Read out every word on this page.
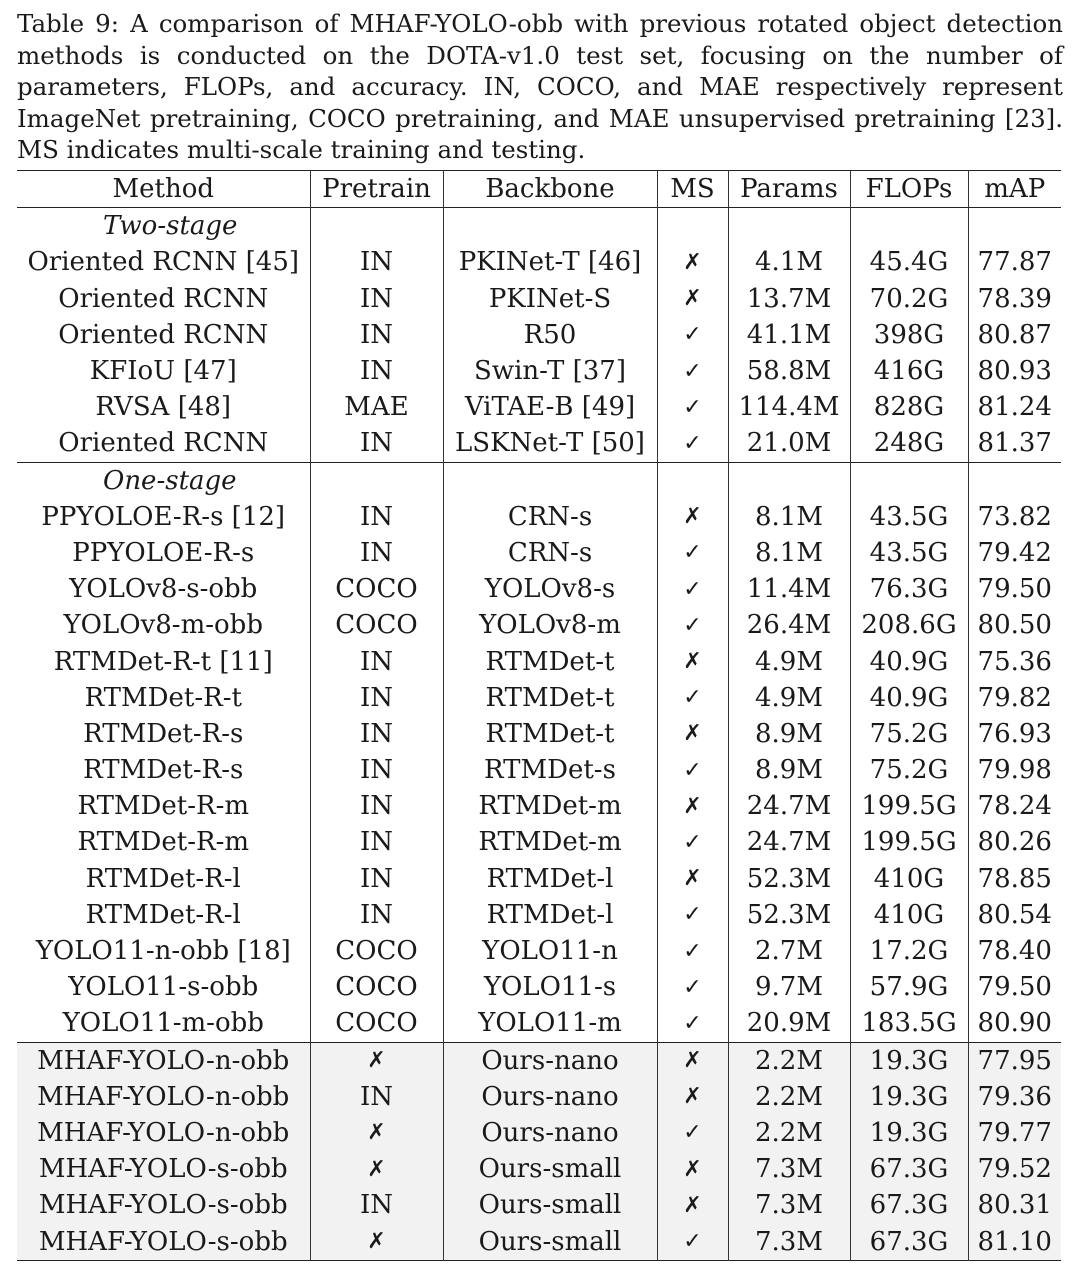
Table 9: A comparison of MHAF-YOLO-obb with previous rotated object detection methods is conducted on the DOTA-v1.0 test set, focusing on the number of parameters, FLOPs, and accuracy. IN, COCO, and MAE respectively represent ImageNet pretraining, COCO pretraining, and MAE unsupervised pretraining [23]. MS indicates multi-scale training and testing.

Method	Pretrain	Backbone	MS	Params	FLOPs	mAP
Two-stage						
Oriented RCNN [45]	IN	PKINet-T [46]	✗	4.1M	45.4G	77.87
Oriented RCNN	IN	PKINet-S	✗	13.7M	70.2G	78.39
Oriented RCNN	IN	R50	✓	41.1M	398G	80.87
KFIoU [47]	IN	Swin-T [37]	✓	58.8M	416G	80.93
RVSA [48]	MAE	ViTAE-B [49]	✓	114.4M	828G	81.24
Oriented RCNN	IN	LSKNet-T [50]	✓	21.0M	248G	81.37
One-stage						
PPYOLOE-R-s [12]	IN	CRN-s	✗	8.1M	43.5G	73.82
PPYOLOE-R-s	IN	CRN-s	✓	8.1M	43.5G	79.42
YOLOv8-s-obb	COCO	YOLOv8-s	✓	11.4M	76.3G	79.50
YOLOv8-m-obb	COCO	YOLOv8-m	✓	26.4M	208.6G	80.50
RTMDet-R-t [11]	IN	RTMDet-t	✗	4.9M	40.9G	75.36
RTMDet-R-t	IN	RTMDet-t	✓	4.9M	40.9G	79.82
RTMDet-R-s	IN	RTMDet-t	✗	8.9M	75.2G	76.93
RTMDet-R-s	IN	RTMDet-s	✓	8.9M	75.2G	79.98
RTMDet-R-m	IN	RTMDet-m	✗	24.7M	199.5G	78.24
RTMDet-R-m	IN	RTMDet-m	✓	24.7M	199.5G	80.26
RTMDet-R-l	IN	RTMDet-l	✗	52.3M	410G	78.85
RTMDet-R-l	IN	RTMDet-l	✓	52.3M	410G	80.54
YOLO11-n-obb [18]	COCO	YOLO11-n	✓	2.7M	17.2G	78.40
YOLO11-s-obb	COCO	YOLO11-s	✓	9.7M	57.9G	79.50
YOLO11-m-obb	COCO	YOLO11-m	✓	20.9M	183.5G	80.90
MHAF-YOLO-n-obb	✗	Ours-nano	✗	2.2M	19.3G	77.95
MHAF-YOLO-n-obb	IN	Ours-nano	✗	2.2M	19.3G	79.36
MHAF-YOLO-n-obb	✗	Ours-nano	✓	2.2M	19.3G	79.77
MHAF-YOLO-s-obb	✗	Ours-small	✗	7.3M	67.3G	79.52
MHAF-YOLO-s-obb	IN	Ours-small	✗	7.3M	67.3G	80.31
MHAF-YOLO-s-obb	✗	Ours-small	✓	7.3M	67.3G	81.10
